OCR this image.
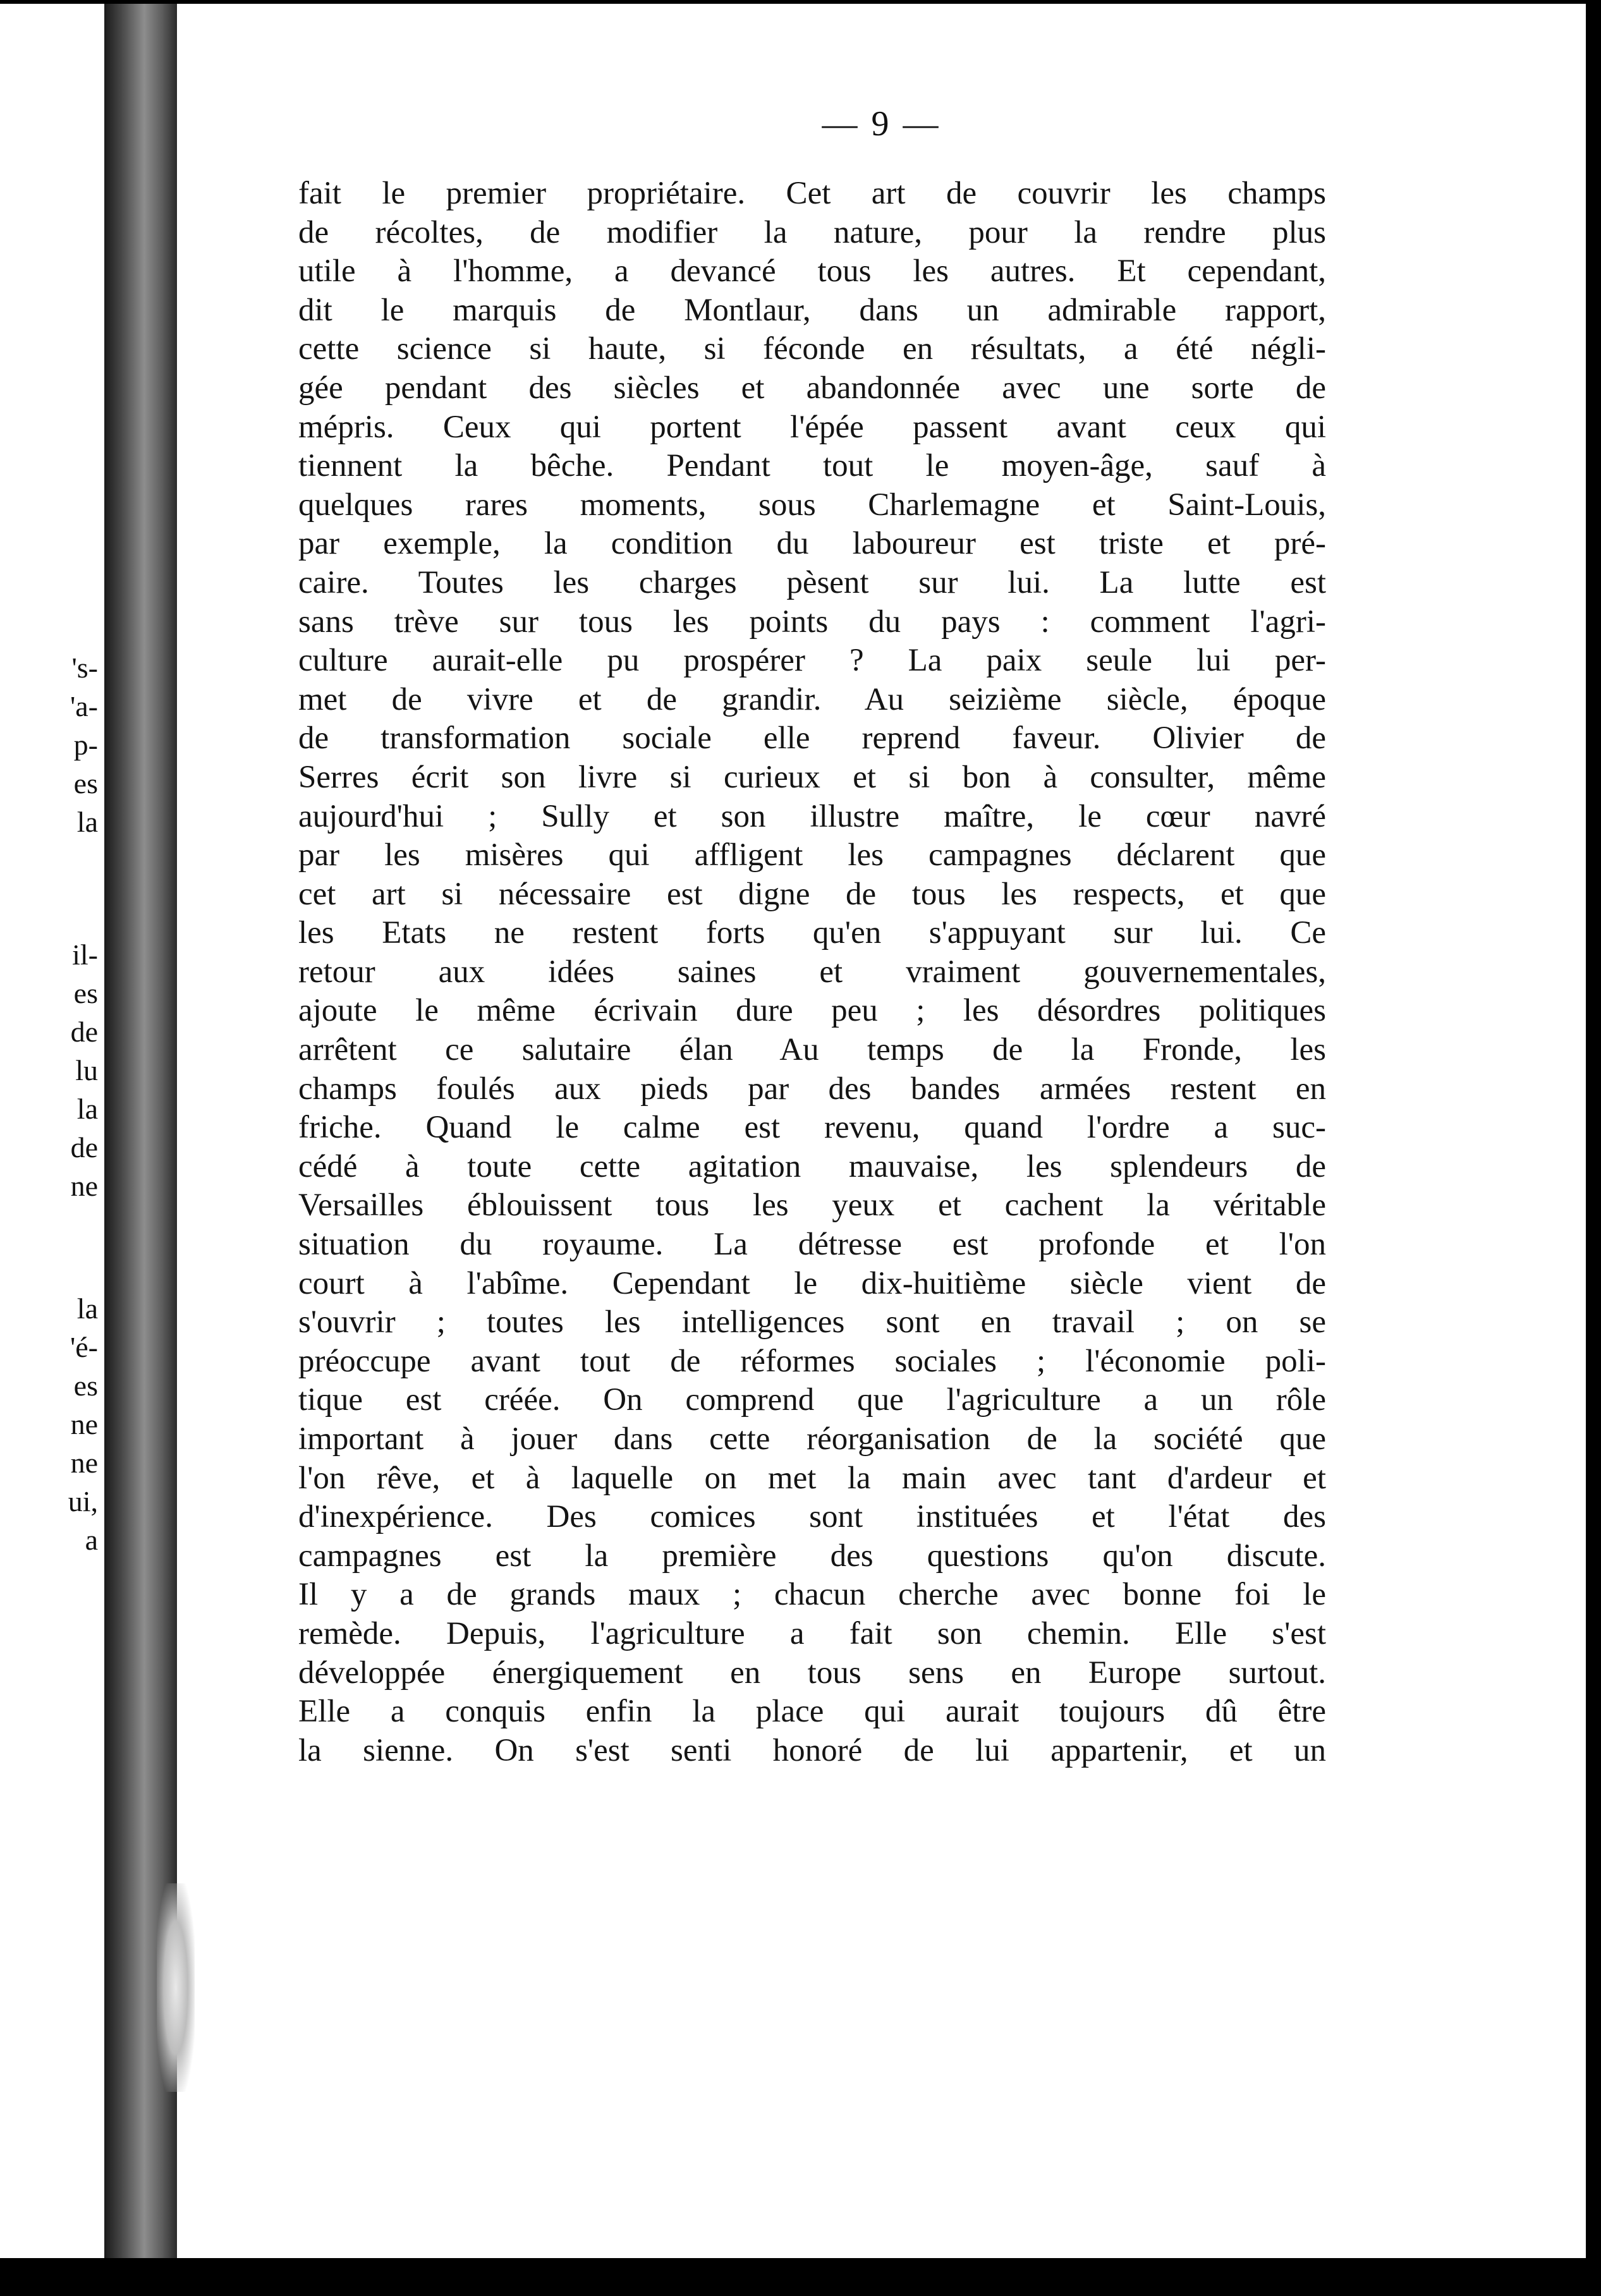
's-
'a-
p-
es
la
il-
es
de
lu
la
de
ne
la
'é-
es
ne
ne
ui,
a
— 9 —
fait le premier propriétaire. Cet art de couvrir les champs
de récoltes, de modifier la nature, pour la rendre plus
utile à l'homme, a devancé tous les autres. Et cependant,
dit le marquis de Montlaur, dans un admirable rapport,
cette science si haute, si féconde en résultats, a été négli-
gée pendant des siècles et abandonnée avec une sorte de
mépris. Ceux qui portent l'épée passent avant ceux qui
tiennent la bêche. Pendant tout le moyen-âge, sauf à
quelques rares moments, sous Charlemagne et Saint-Louis,
par exemple, la condition du laboureur est triste et pré-
caire. Toutes les charges pèsent sur lui. La lutte est
sans trève sur tous les points du pays : comment l'agri-
culture aurait-elle pu prospérer ? La paix seule lui per-
met de vivre et de grandir. Au seizième siècle, époque
de transformation sociale elle reprend faveur. Olivier de
Serres écrit son livre si curieux et si bon à consulter, même
aujourd'hui ; Sully et son illustre maître, le cœur navré
par les misères qui affligent les campagnes déclarent que
cet art si nécessaire est digne de tous les respects, et que
les Etats ne restent forts qu'en s'appuyant sur lui. Ce
retour aux idées saines et vraiment gouvernementales,
ajoute le même écrivain dure peu ; les désordres politiques
arrêtent ce salutaire élan Au temps de la Fronde, les
champs foulés aux pieds par des bandes armées restent en
friche. Quand le calme est revenu, quand l'ordre a suc-
cédé à toute cette agitation mauvaise, les splendeurs de
Versailles éblouissent tous les yeux et cachent la véritable
situation du royaume. La détresse est profonde et l'on
court à l'abîme. Cependant le dix-huitième siècle vient de
s'ouvrir ; toutes les intelligences sont en travail ; on se
préoccupe avant tout de réformes sociales ; l'économie poli-
tique est créée. On comprend que l'agriculture a un rôle
important à jouer dans cette réorganisation de la société que
l'on rêve, et à laquelle on met la main avec tant d'ardeur et
d'inexpérience. Des comices sont instituées et l'état des
campagnes est la première des questions qu'on discute.
Il y a de grands maux ; chacun cherche avec bonne foi le
remède. Depuis, l'agriculture a fait son chemin. Elle s'est
développée énergiquement en tous sens en Europe surtout.
Elle a conquis enfin la place qui aurait toujours dû être
la sienne. On s'est senti honoré de lui appartenir, et un
